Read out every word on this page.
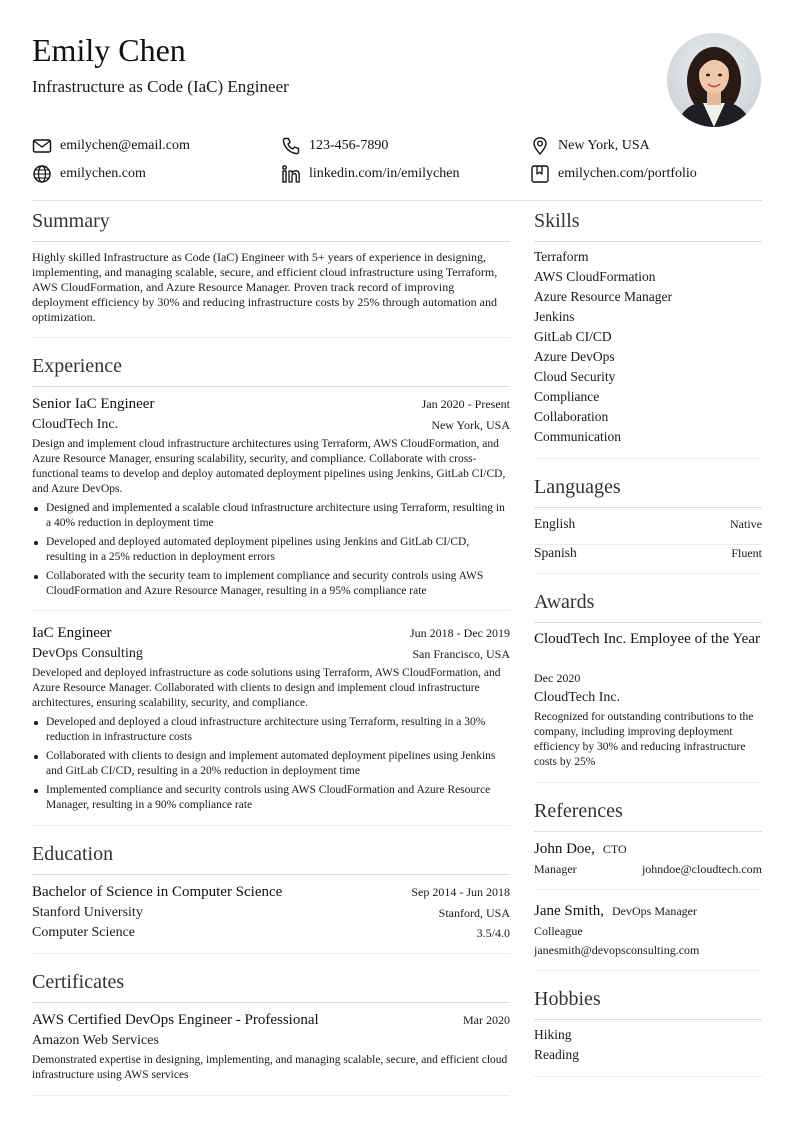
Emily Chen
Infrastructure as Code (IaC) Engineer
emilychen@email.com	123-456-7890	New York, USA
emilychen.com	linkedin.com/in/emilychen	emilychen.com/portfolio
Summary
Highly skilled Infrastructure as Code (IaC) Engineer with 5+ years of experience in designing, implementing, and managing scalable, secure, and efficient cloud infrastructure using Terraform, AWS CloudFormation, and Azure Resource Manager. Proven track record of improving deployment efficiency by 30% and reducing infrastructure costs by 25% through automation and optimization.
Experience
Senior IaC Engineer	Jan 2020 - Present
CloudTech Inc.	New York, USA
Design and implement cloud infrastructure architectures using Terraform, AWS CloudFormation, and Azure Resource Manager, ensuring scalability, security, and compliance. Collaborate with cross-functional teams to develop and deploy automated deployment pipelines using Jenkins, GitLab CI/CD, and Azure DevOps.
Designed and implemented a scalable cloud infrastructure architecture using Terraform, resulting in a 40% reduction in deployment time
Developed and deployed automated deployment pipelines using Jenkins and GitLab CI/CD, resulting in a 25% reduction in deployment errors
Collaborated with the security team to implement compliance and security controls using AWS CloudFormation and Azure Resource Manager, resulting in a 95% compliance rate
IaC Engineer	Jun 2018 - Dec 2019
DevOps Consulting	San Francisco, USA
Developed and deployed infrastructure as code solutions using Terraform, AWS CloudFormation, and Azure Resource Manager. Collaborated with clients to design and implement cloud infrastructure architectures, ensuring scalability, security, and compliance.
Developed and deployed a cloud infrastructure architecture using Terraform, resulting in a 30% reduction in infrastructure costs
Collaborated with clients to design and implement automated deployment pipelines using Jenkins and GitLab CI/CD, resulting in a 20% reduction in deployment time
Implemented compliance and security controls using AWS CloudFormation and Azure Resource Manager, resulting in a 90% compliance rate
Education
Bachelor of Science in Computer Science	Sep 2014 - Jun 2018
Stanford University	Stanford, USA
Computer Science	3.5/4.0
Certificates
AWS Certified DevOps Engineer - Professional	Mar 2020
Amazon Web Services
Demonstrated expertise in designing, implementing, and managing scalable, secure, and efficient cloud infrastructure using AWS services
Skills
Terraform
AWS CloudFormation
Azure Resource Manager
Jenkins
GitLab CI/CD
Azure DevOps
Cloud Security
Compliance
Collaboration
Communication
Languages
English	Native
Spanish	Fluent
Awards
CloudTech Inc. Employee of the Year
Dec 2020
CloudTech Inc.
Recognized for outstanding contributions to the company, including improving deployment efficiency by 30% and reducing infrastructure costs by 25%
References
John Doe, CTO
Manager	johndoe@cloudtech.com
Jane Smith, DevOps Manager
Colleague
janesmith@devopsconsulting.com
Hobbies
Hiking
Reading
